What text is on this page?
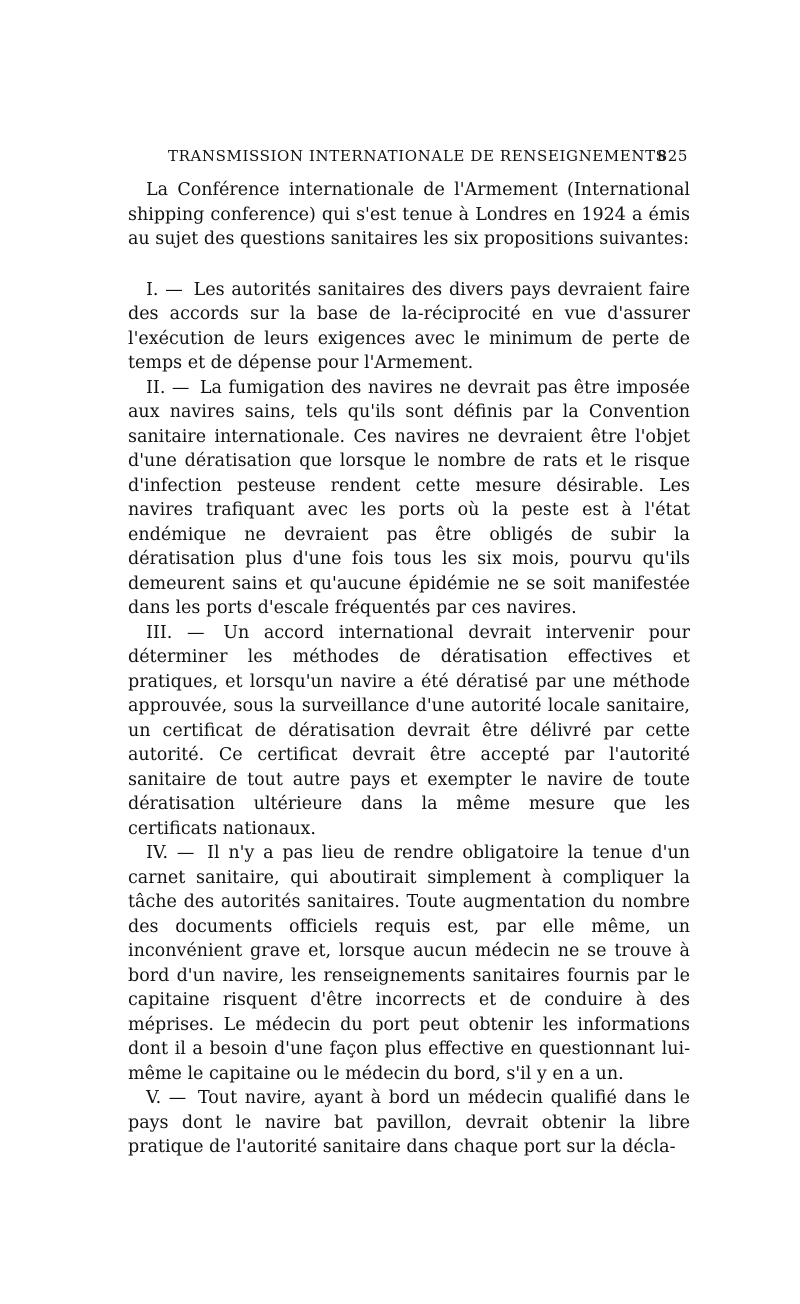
TRANSMISSION INTERNATIONALE DE RENSEIGNEMENTS
825

La Conférence internationale de l'Armement (International shipping conference) qui s'est tenue à Londres en 1924 a émis au sujet des questions sanitaires les six propositions suivantes:

I. — Les autorités sanitaires des divers pays devraient faire des accords sur la base de la-réciprocité en vue d'assurer l'exécution de leurs exigences avec le minimum de perte de temps et de dépense pour l'Armement.

II. — La fumigation des navires ne devrait pas être imposée aux navires sains, tels qu'ils sont définis par la Convention sanitaire internationale. Ces navires ne devraient être l'objet d'une dératisation que lorsque le nombre de rats et le risque d'infection pesteuse rendent cette mesure désirable. Les navires trafiquant avec les ports où la peste est à l'état endémique ne devraient pas être obligés de subir la dératisation plus d'une fois tous les six mois, pourvu qu'ils demeurent sains et qu'aucune épidémie ne se soit manifestée dans les ports d'escale fréquentés par ces navires.

III. — Un accord international devrait intervenir pour déterminer les méthodes de dératisation effectives et pratiques, et lorsqu'un navire a été dératisé par une méthode approuvée, sous la surveillance d'une autorité locale sanitaire, un certificat de dératisation devrait être délivré par cette autorité. Ce certificat devrait être accepté par l'autorité sanitaire de tout autre pays et exempter le navire de toute dératisation ultérieure dans la même mesure que les certificats nationaux.

IV. — Il n'y a pas lieu de rendre obligatoire la tenue d'un carnet sanitaire, qui aboutirait simplement à compliquer la tâche des autorités sanitaires. Toute augmentation du nombre des documents officiels requis est, par elle même, un inconvénient grave et, lorsque aucun médecin ne se trouve à bord d'un navire, les renseignements sanitaires fournis par le capitaine risquent d'être incorrects et de conduire à des méprises. Le médecin du port peut obtenir les informations dont il a besoin d'une façon plus effective en questionnant lui-même le capitaine ou le médecin du bord, s'il y en a un.

V. — Tout navire, ayant à bord un médecin qualifié dans le pays dont le navire bat pavillon, devrait obtenir la libre pratique de l'autorité sanitaire dans chaque port sur la décla-
